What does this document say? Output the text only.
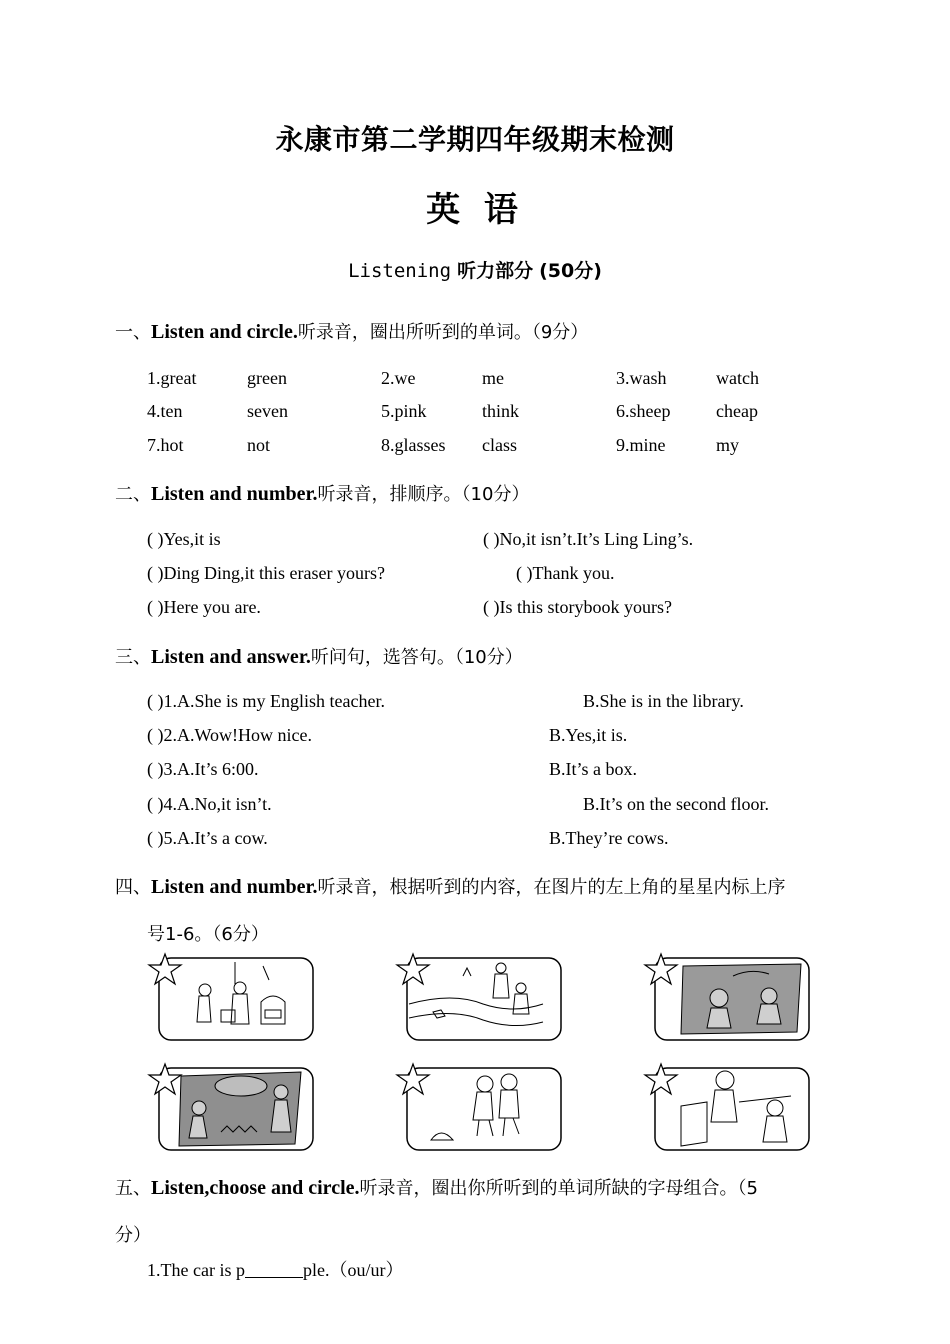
永康市第二学期四年级期末检测
英 语
Listening 听力部分 (50分)
一、Listen and circle.听录音，圈出所听到的单词。（9分）
1.great	green	2.we	me	3.wash	watch
4.ten	seven	5.pink	think	6.sheep	cheap
7.hot	not	8.glasses class	9.mine	my
二、Listen and number.听录音，排顺序。（10分）
( )Yes,it is	( )No,it isn’t.It’s Ling Ling’s.
( )Ding Ding,it this eraser yours?	( )Thank you.
( )Here you are.	( )Is this storybook yours?
三、Listen and answer.听问句，选答句。（10分）
( )1.A.She is my English teacher.	B.She is in the library.
( )2.A.Wow!How nice.	B.Yes,it is.
( )3.A.It’s 6:00.	B.It’s a box.
( )4.A.No,it isn’t.	B.It’s on the second floor.
( )5.A.It’s a cow.	B.They’re cows.
四、Listen and number.听录音，根据听到的内容，在图片的左上角的星星内标上序
号1-6。（6分）
五、Listen,choose and circle.听录音，圈出你所听到的单词所缺的字母组合。（5
分）
1.The car is p	ple.（ou/ur）
